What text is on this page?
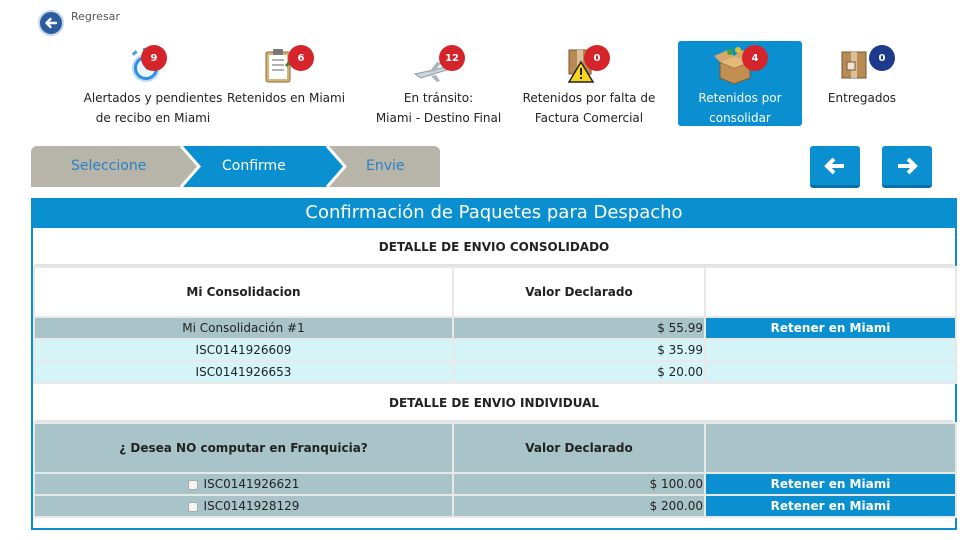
Regresar
9
Alertados y pendientes
de recibo en Miami
6
Retenidos en Miami
12
En tránsito:
Miami - Destino Final
0
Retenidos por falta de
Factura Comercial
4
Retenidos por
consolidar
0
Entregados
Seleccione	Confirme	Envie
Confirmación de Paquetes para Despacho
DETALLE DE ENVIO CONSOLIDADO
Mi Consolidacion	Valor Declarado	
Mi Consolidación #1	$ 55.99	Retener en Miami
ISC0141926609	$ 35.99	
ISC0141926653	$ 20.00	
DETALLE DE ENVIO INDIVIDUAL
¿ Desea NO computar en Franquicia?	Valor Declarado	
ISC0141926621	$ 100.00	Retener en Miami
ISC0141928129	$ 200.00	Retener en Miami
